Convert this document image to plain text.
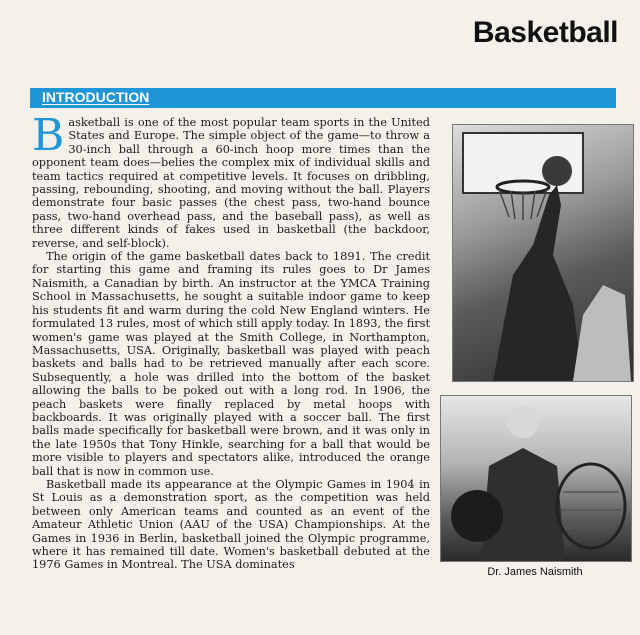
Basketball
INTRODUCTION

Basketball is one of the most popular team sports in the United States and Europe. The simple object of the game—to throw a 30-inch ball through a 60-inch hoop more times than the opponent team does—belies the complex mix of individual skills and team tactics required at competitive levels. It focuses on dribbling, passing, rebounding, shooting, and moving without the ball. Players demonstrate four basic passes (the chest pass, two-hand bounce pass, two-hand overhead pass, and the baseball pass), as well as three different kinds of fakes used in basketball (the backdoor, reverse, and self-block).

The origin of the game basketball dates back to 1891. The credit for starting this game and framing its rules goes to Dr James Naismith, a Canadian by birth. An instructor at the YMCA Training School in Massachusetts, he sought a suitable indoor game to keep his students fit and warm during the cold New England winters. He formulated 13 rules, most of which still apply today. In 1893, the first women's game was played at the Smith College, in Northampton, Massachusetts, USA. Originally, basketball was played with peach baskets and balls had to be retrieved manually after each score. Subsequently, a hole was drilled into the bottom of the basket allowing the balls to be poked out with a long rod. In 1906, the peach baskets were finally replaced by metal hoops with backboards. It was originally played with a soccer ball. The first balls made specifically for basketball were brown, and it was only in the late 1950s that Tony Hinkle, searching for a ball that would be more visible to players and spectators alike, introduced the orange ball that is now in common use.

Basketball made its appearance at the Olympic Games in 1904 in St Louis as a demonstration sport, as the competition was held between only American teams and counted as an event of the Amateur Athletic Union (AAU of the USA) Championships. At the Games in 1936 in Berlin, basketball joined the Olympic programme, where it has remained till date. Women's basketball debuted at the 1976 Games in Montreal. The USA dominates

Dr. James Naismith
